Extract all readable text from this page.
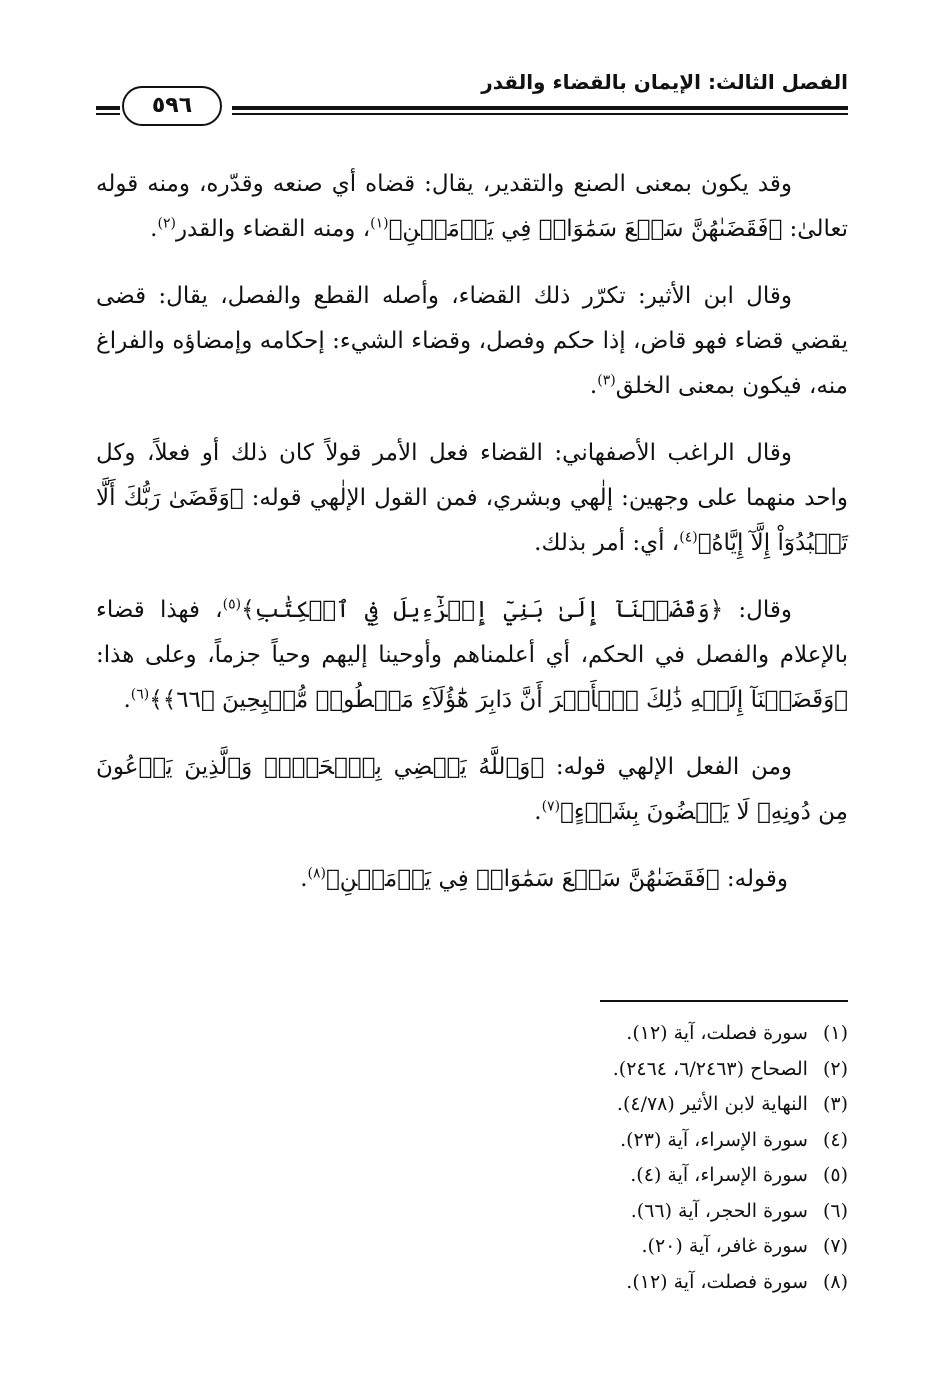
الفصل الثالث: الإيمان بالقضاء والقدر
٥٩٦

وقد يكون بمعنى الصنع والتقدير، يقال: قضاه أي صنعه وقدّره، ومنه قوله تعالىٰ: ﴿فَقَضَىٰهُنَّ سَبۡعَ سَمَٰوَاتٖ فِي يَوۡمَيۡنِ﴾$^{(١)}$، ومنه القضاء والقدر$^{(٢)}$.

وقال ابن الأثير: تكرّر ذلك القضاء، وأصله القطع والفصل، يقال: قضى يقضي قضاء فهو قاض، إذا حكم وفصل، وقضاء الشيء: إحكامه وإمضاؤه والفراغ منه، فيكون بمعنى الخلق$^{(٣)}$.

وقال الراغب الأصفهاني: القضاء فعل الأمر قولاً كان ذلك أو فعلاً، وكل واحد منهما على وجهين: إلٰهي وبشري، فمن القول الإلٰهي قوله: ﴿وَقَضَىٰ رَبُّكَ أَلَّا تَعۡبُدُوٓاْ إِلَّآ إِيَّاهُ﴾$^{(٤)}$، أي: أمر بذلك.

وقال: ﴿وَقَضَيۡنَآ إِلَىٰ بَنِيٓ إِسۡرَٰٓءِيلَ فِي ٱلۡكِتَٰبِ﴾$^{(٥)}$، فهذا قضاء بالإعلام والفصل في الحكم، أي أعلمناهم وأوحينا إليهم وحياً جزماً، وعلى هذا: ﴿وَقَضَيۡنَآ إِلَيۡهِ ذَٰلِكَ ٱلۡأَمۡرَ أَنَّ دَابِرَ هَٰٓؤُلَآءِ مَقۡطُوعٞ مُّصۡبِحِينَ ﴿٦٦﴾﴾$^{(٦)}$.

ومن الفعل الإلهي قوله: ﴿وَٱللَّهُ يَقۡضِي بِٱلۡحَقِّۖ وَٱلَّذِينَ يَدۡعُونَ مِن دُونِهِۦ لَا يَقۡضُونَ بِشَيۡءٍ﴾$^{(٧)}$.

وقوله: ﴿فَقَضَىٰهُنَّ سَبۡعَ سَمَٰوَاتٖ فِي يَوۡمَيۡنِ﴾$^{(٨)}$.

(١) سورة فصلت، آية (١٢).
(٢) الصحاح (٦/٢٤٦٣، ٢٤٦٤).
(٣) النهاية لابن الأثير (٤/٧٨).
(٤) سورة الإسراء، آية (٢٣).
(٥) سورة الإسراء، آية (٤).
(٦) سورة الحجر، آية (٦٦).
(٧) سورة غافر، آية (٢٠).
(٨) سورة فصلت، آية (١٢).
